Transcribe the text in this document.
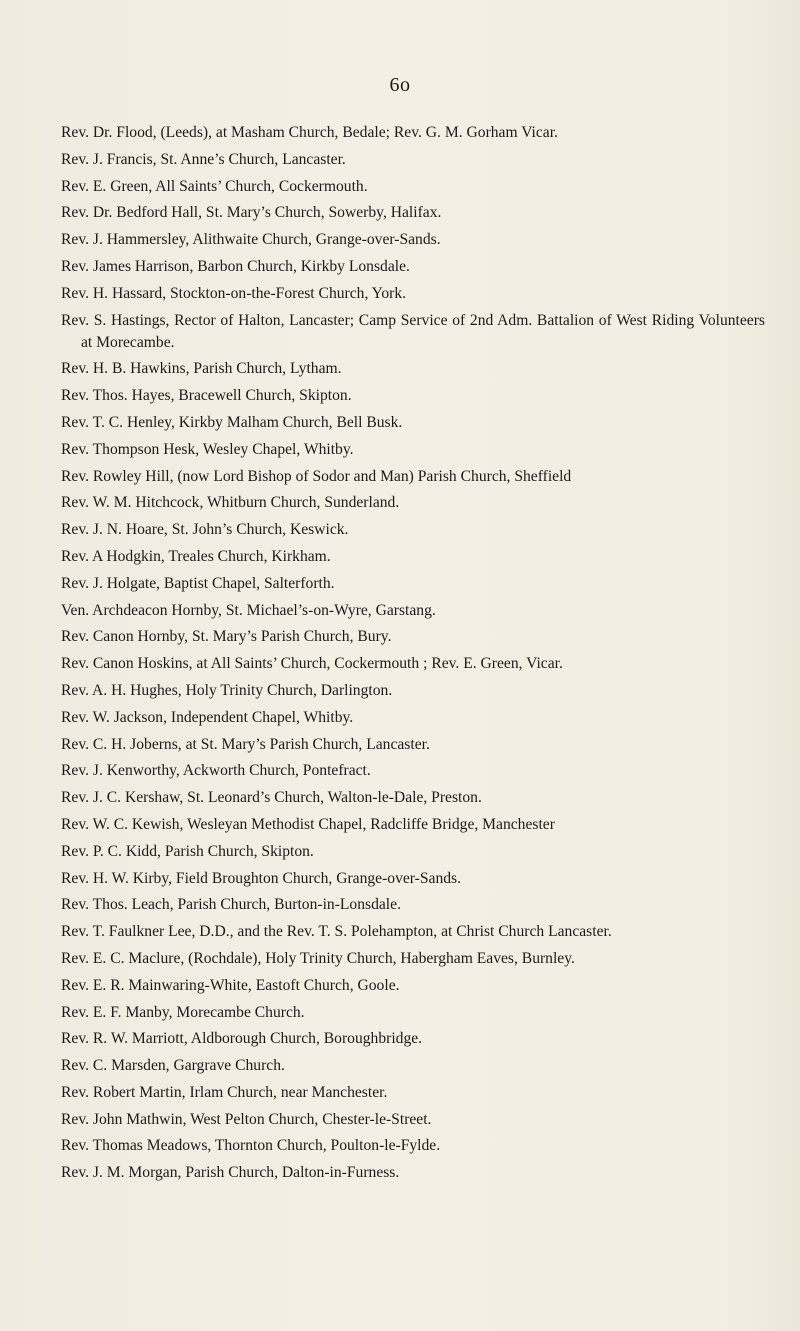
6o
Rev. Dr. Flood, (Leeds), at Masham Church, Bedale; Rev. G. M. Gorham Vicar.
Rev. J. Francis, St. Anne’s Church, Lancaster.
Rev. E. Green, All Saints’ Church, Cockermouth.
Rev. Dr. Bedford Hall, St. Mary’s Church, Sowerby, Halifax.
Rev. J. Hammersley, Alithwaite Church, Grange-over-Sands.
Rev. James Harrison, Barbon Church, Kirkby Lonsdale.
Rev. H. Hassard, Stockton-on-the-Forest Church, York.
Rev. S. Hastings, Rector of Halton, Lancaster; Camp Service of 2nd Adm. Battalion of West Riding Volunteers at Morecambe.
Rev. H. B. Hawkins, Parish Church, Lytham.
Rev. Thos. Hayes, Bracewell Church, Skipton.
Rev. T. C. Henley, Kirkby Malham Church, Bell Busk.
Rev. Thompson Hesk, Wesley Chapel, Whitby.
Rev. Rowley Hill, (now Lord Bishop of Sodor and Man) Parish Church, Sheffield
Rev. W. M. Hitchcock, Whitburn Church, Sunderland.
Rev. J. N. Hoare, St. John’s Church, Keswick.
Rev. A Hodgkin, Treales Church, Kirkham.
Rev. J. Holgate, Baptist Chapel, Salterforth.
Ven. Archdeacon Hornby, St. Michael’s-on-Wyre, Garstang.
Rev. Canon Hornby, St. Mary’s Parish Church, Bury.
Rev. Canon Hoskins, at All Saints’ Church, Cockermouth ; Rev. E. Green, Vicar.
Rev. A. H. Hughes, Holy Trinity Church, Darlington.
Rev. W. Jackson, Independent Chapel, Whitby.
Rev. C. H. Joberns, at St. Mary’s Parish Church, Lancaster.
Rev. J. Kenworthy, Ackworth Church, Pontefract.
Rev. J. C. Kershaw, St. Leonard’s Church, Walton-le-Dale, Preston.
Rev. W. C. Kewish, Wesleyan Methodist Chapel, Radcliffe Bridge, Manchester
Rev. P. C. Kidd, Parish Church, Skipton.
Rev. H. W. Kirby, Field Broughton Church, Grange-over-Sands.
Rev. Thos. Leach, Parish Church, Burton-in-Lonsdale.
Rev. T. Faulkner Lee, D.D., and the Rev. T. S. Polehampton, at Christ Church Lancaster.
Rev. E. C. Maclure, (Rochdale), Holy Trinity Church, Habergham Eaves, Burnley.
Rev. E. R. Mainwaring-White, Eastoft Church, Goole.
Rev. E. F. Manby, Morecambe Church.
Rev. R. W. Marriott, Aldborough Church, Boroughbridge.
Rev. C. Marsden, Gargrave Church.
Rev. Robert Martin, Irlam Church, near Manchester.
Rev. John Mathwin, West Pelton Church, Chester-le-Street.
Rev. Thomas Meadows, Thornton Church, Poulton-le-Fylde.
Rev. J. M. Morgan, Parish Church, Dalton-in-Furness.
